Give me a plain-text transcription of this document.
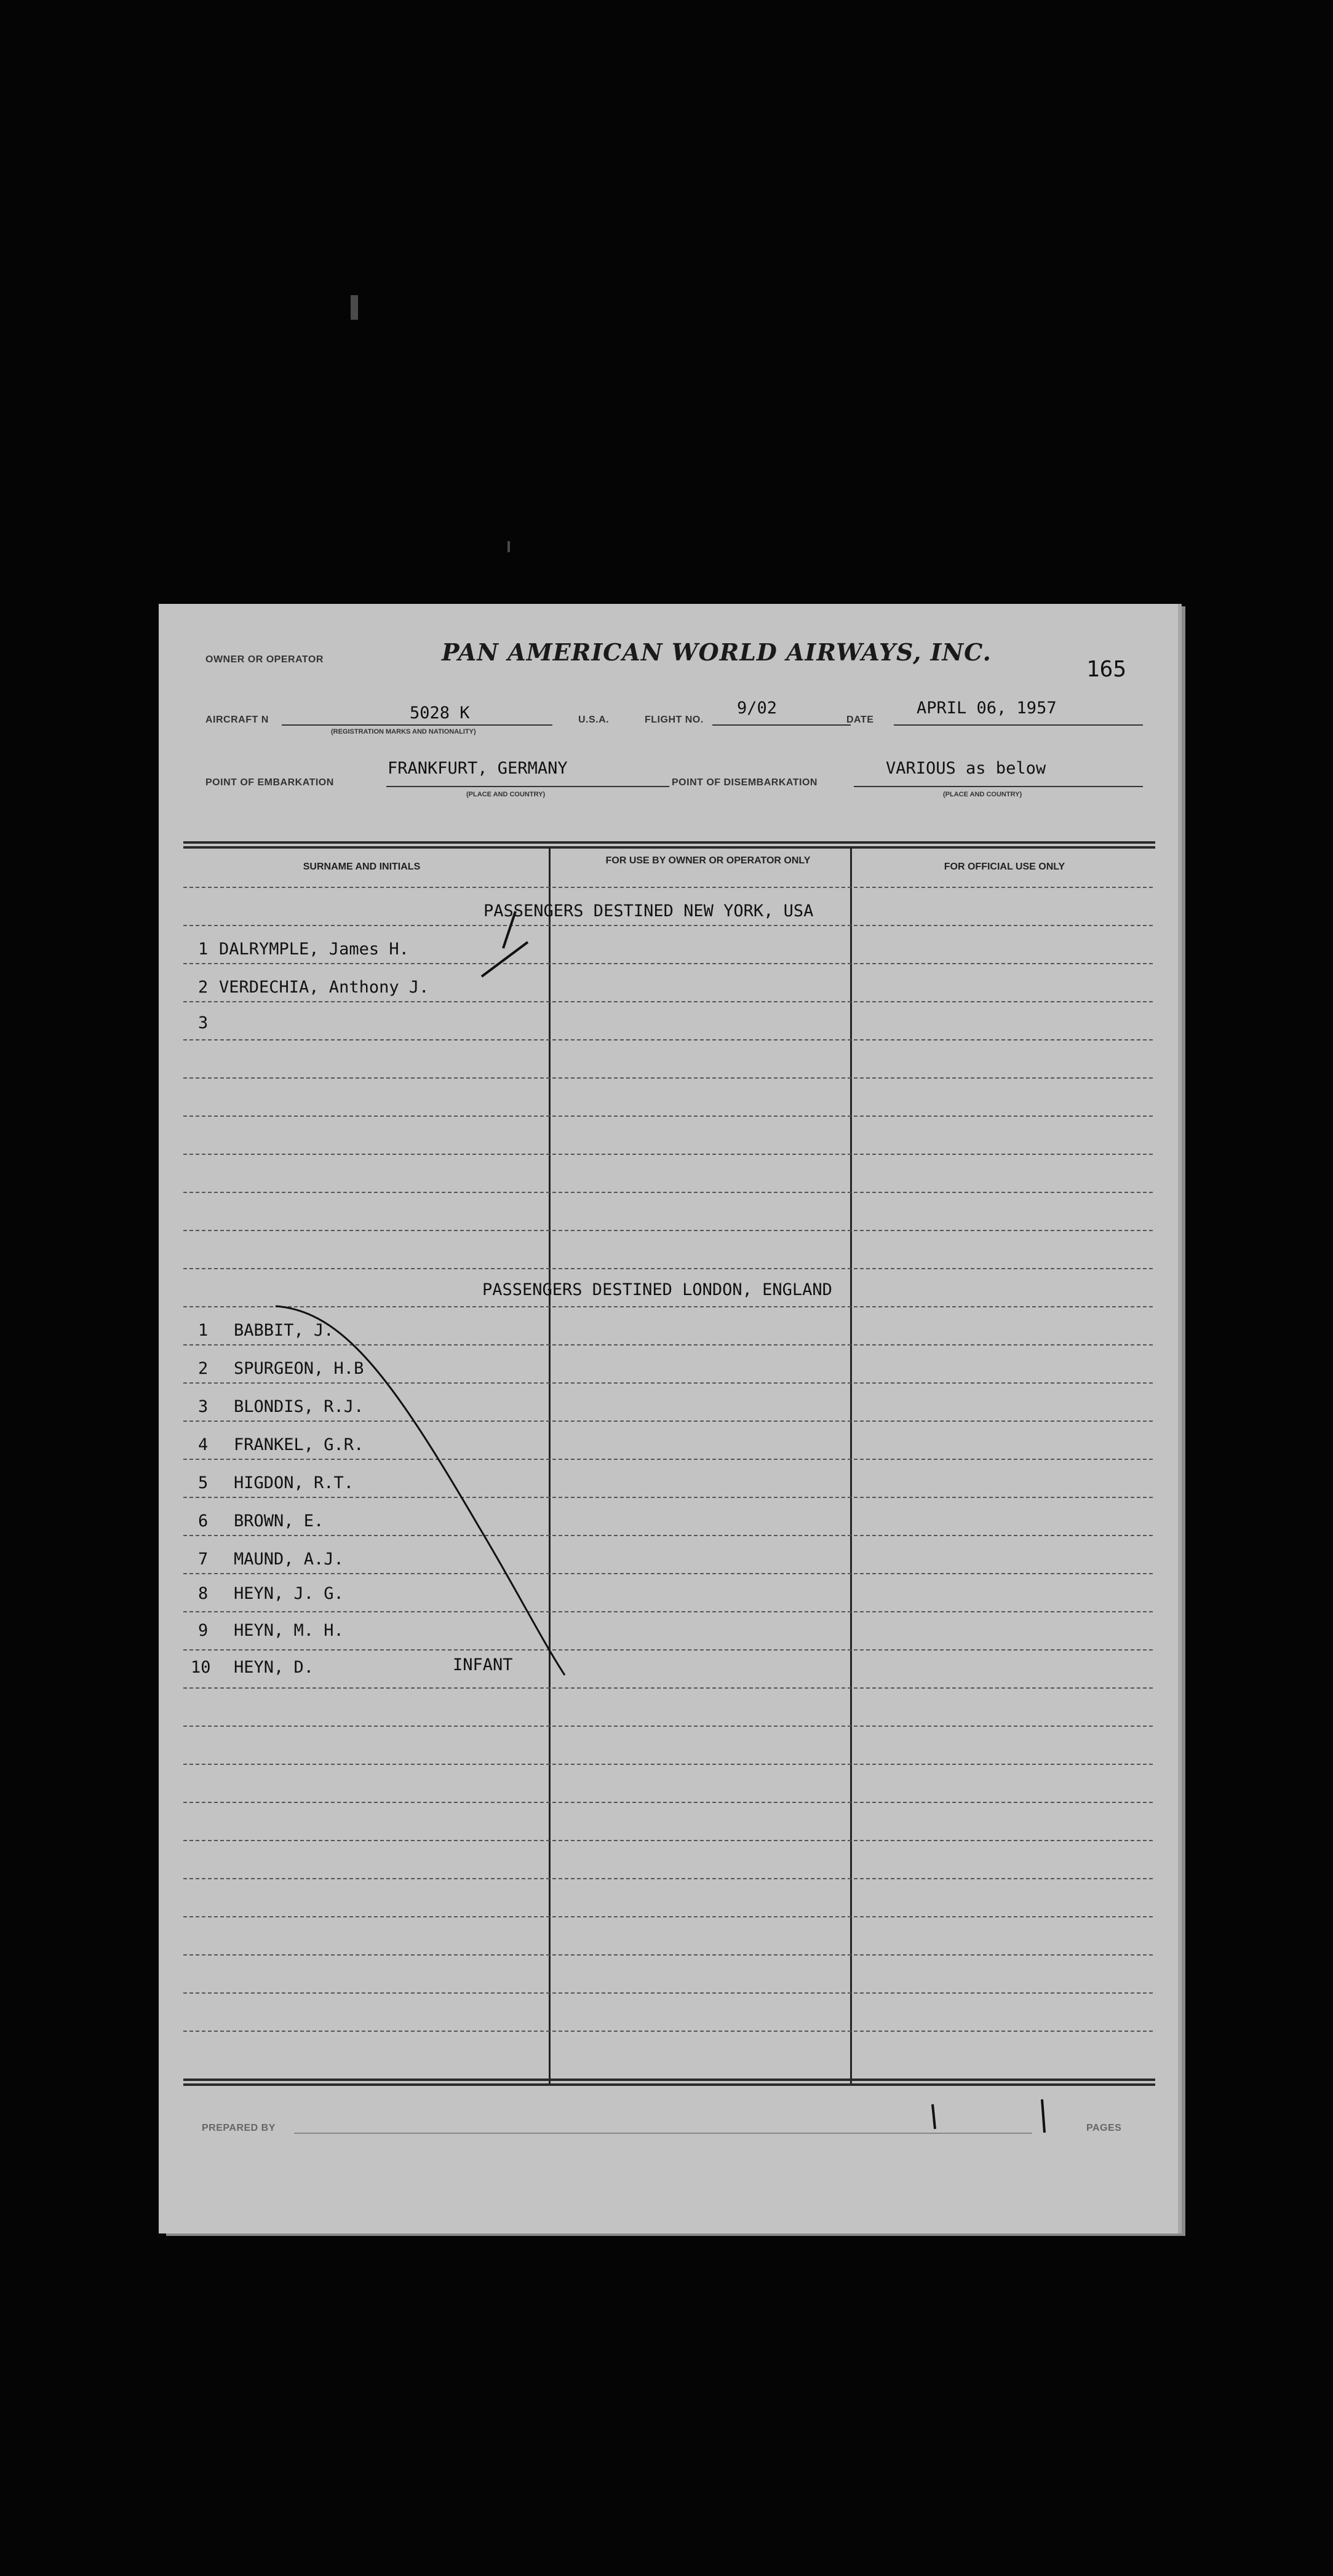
OWNER OR OPERATOR	PAN AMERICAN WORLD AIRWAYS, INC.
165
AIRCRAFT N	5028 K
(REGISTRATION MARKS AND NATIONALITY)
U.S.A.	FLIGHT NO.
9/02
DATE
APRIL 06, 1957
POINT OF EMBARKATION
FRANKFURT, GERMANY
(PLACE AND COUNTRY)
POINT OF DISEMBARKATION
VARIOUS as below
(PLACE AND COUNTRY)
SURNAME AND INITIALS
FOR USE BY OWNER OR OPERATOR ONLY
FOR OFFICIAL USE ONLY
PASSENGERS DESTINED NEW YORK, USA
1 DALRYMPLE, James H.
2 VERDECHIA, Anthony J.
3
PASSENGERS DESTINED LONDON, ENGLAND
1 BABBIT, J.
2 SPURGEON, H.B
3 BLONDIS, R.J.
4 FRANKEL, G.R.
5 HIGDON, R.T.
6 BROWN, E.
7 MAUND, A.J.
8 HEYN, J. G.
9 HEYN, M. H.
10 HEYN, D.	INFANT
PREPARED BY	PAGES
